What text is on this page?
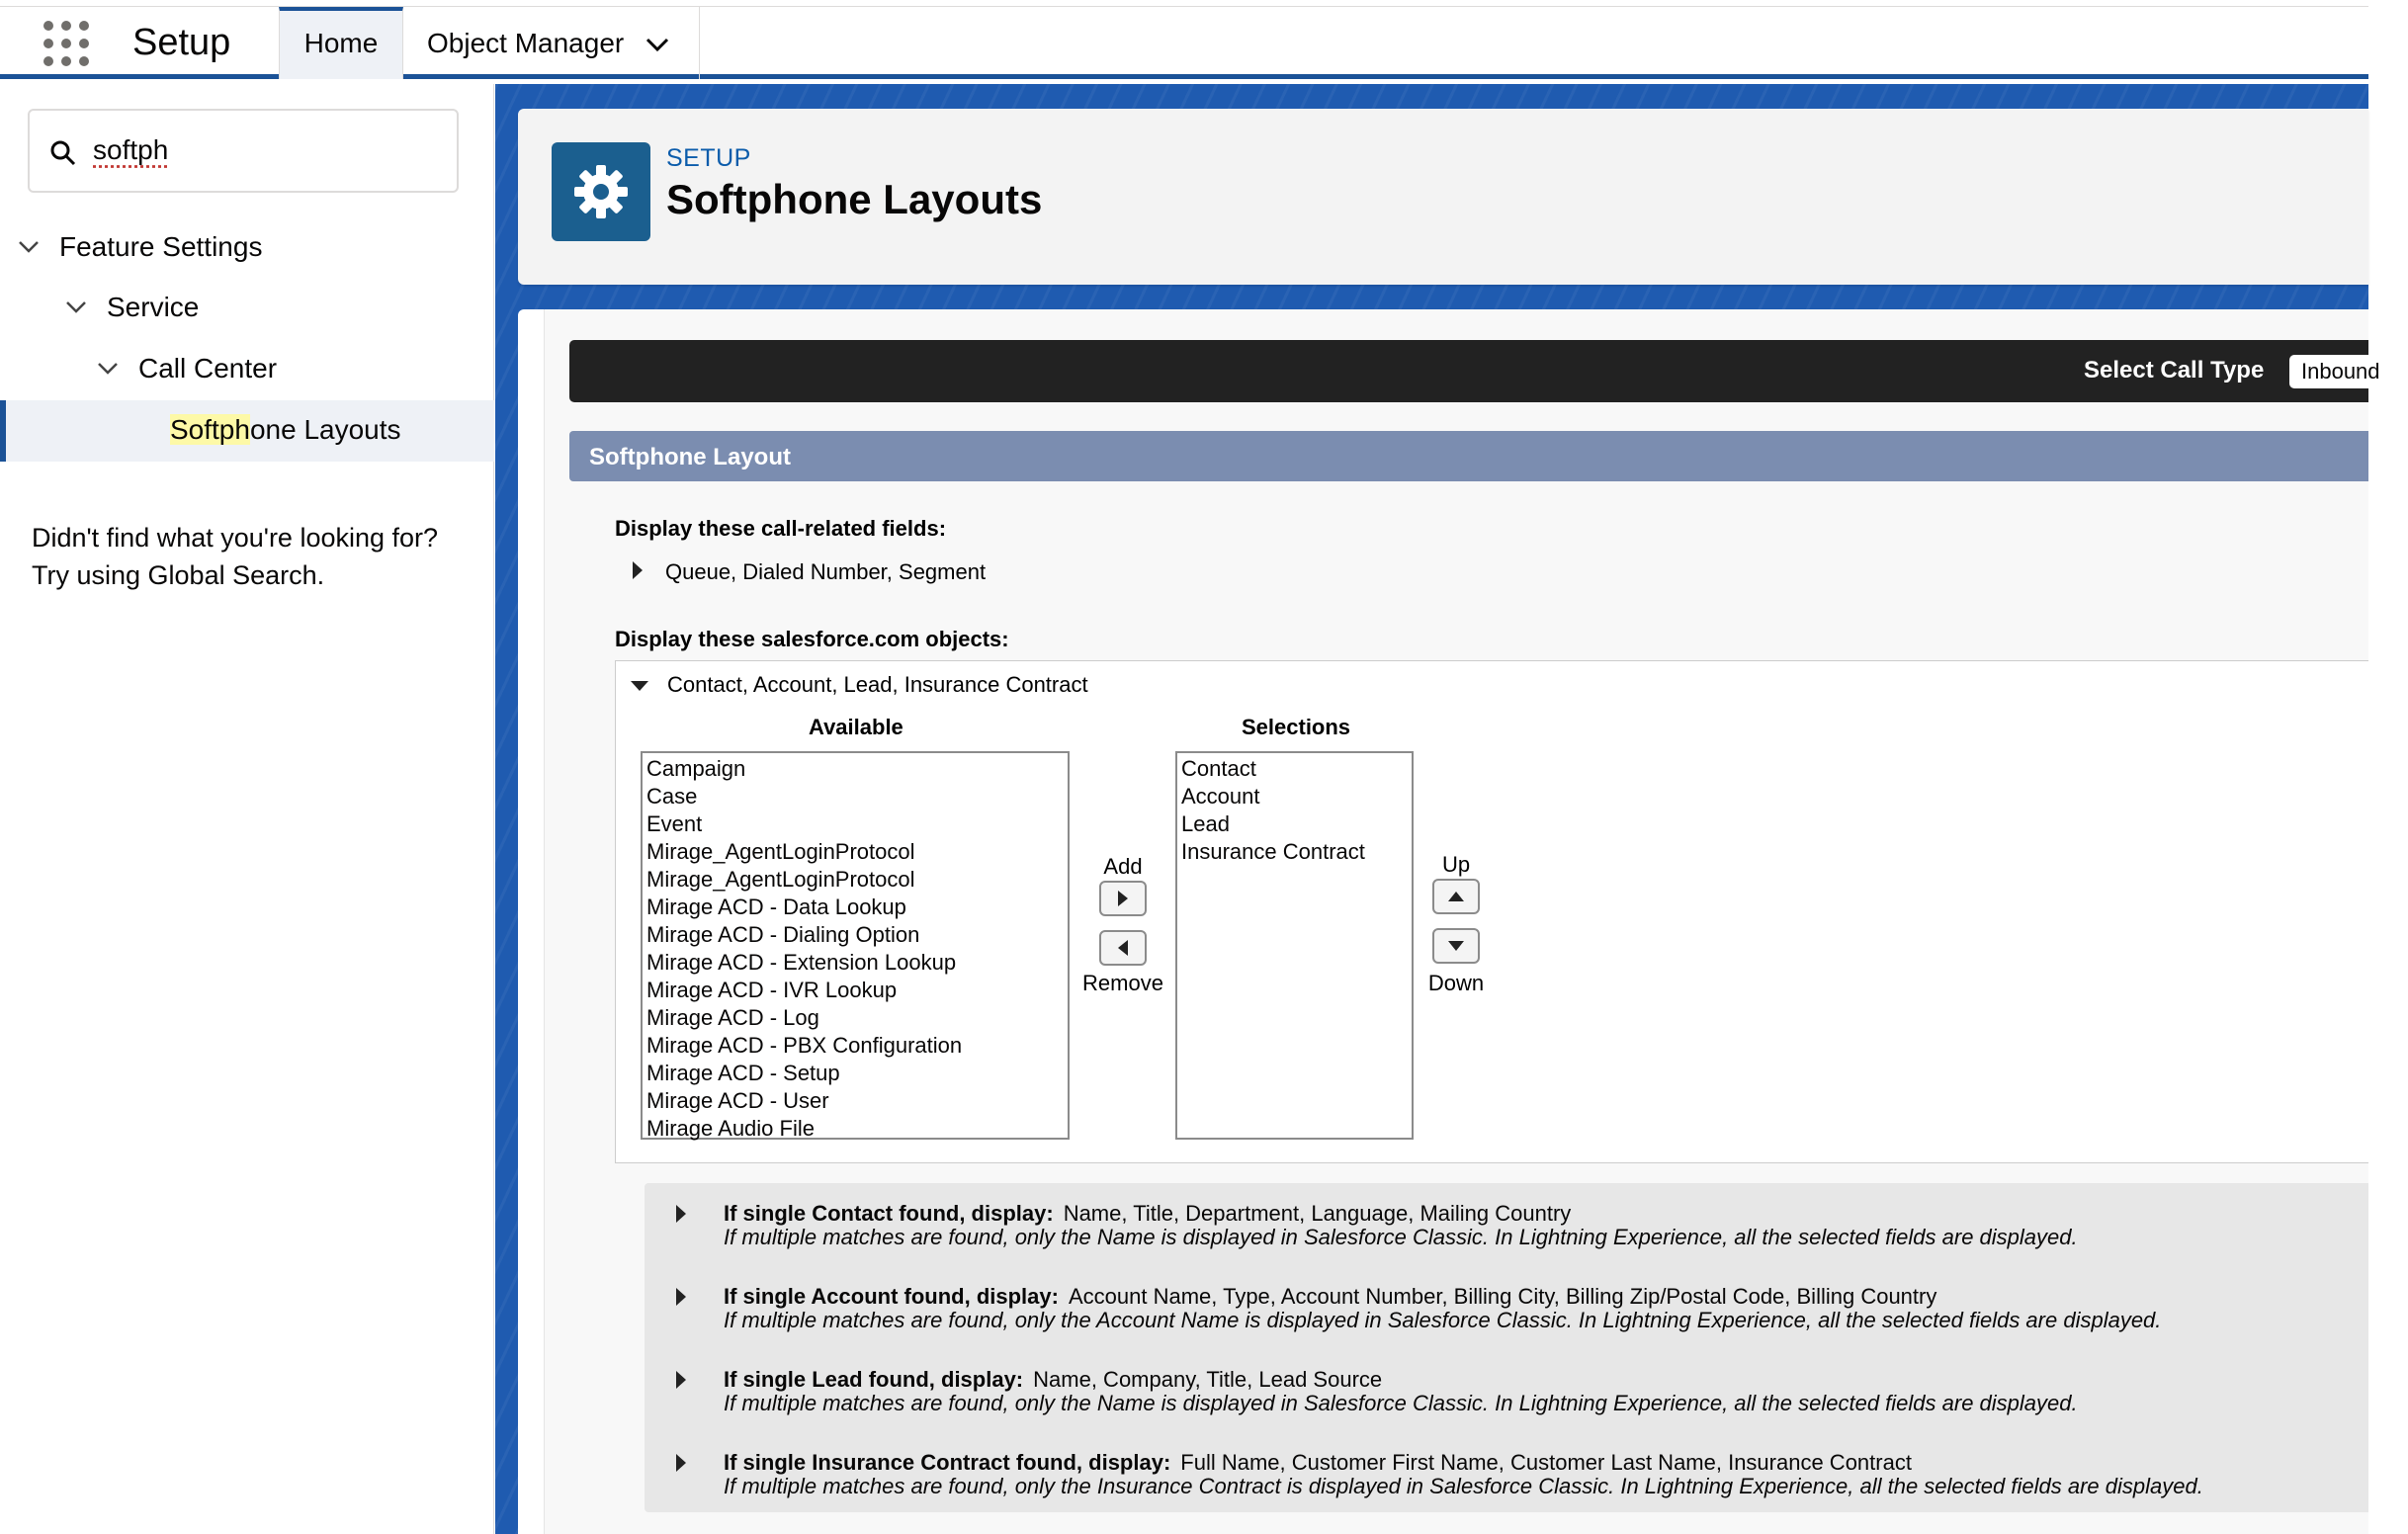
Setup	Home	Object Manager
softph
Feature Settings
Service
Call Center
Softphone Layouts
Didn't find what you're looking for?
Try using Global Search.
SETUP
Softphone Layouts
Select Call Type	Inbound
Softphone Layout
Display these call-related fields:
Queue, Dialed Number, Segment
Display these salesforce.com objects:
Contact, Account, Lead, Insurance Contract
Available	Selections
Campaign
Case
Event
Mirage_AgentLoginProtocol
Mirage_AgentLoginProtocol
Mirage ACD - Data Lookup
Mirage ACD - Dialing Option
Mirage ACD - Extension Lookup
Mirage ACD - IVR Lookup
Mirage ACD - Log
Mirage ACD - PBX Configuration
Mirage ACD - Setup
Mirage ACD - User
Mirage Audio File
Add
Remove
Contact
Account
Lead
Insurance Contract
Up
Down
If single Contact found, display: Name, Title, Department, Language, Mailing Country
If multiple matches are found, only the Name is displayed in Salesforce Classic. In Lightning Experience, all the selected fields are displayed.
If single Account found, display: Account Name, Type, Account Number, Billing City, Billing Zip/Postal Code, Billing Country
If multiple matches are found, only the Account Name is displayed in Salesforce Classic. In Lightning Experience, all the selected fields are displayed.
If single Lead found, display: Name, Company, Title, Lead Source
If multiple matches are found, only the Name is displayed in Salesforce Classic. In Lightning Experience, all the selected fields are displayed.
If single Insurance Contract found, display: Full Name, Customer First Name, Customer Last Name, Insurance Contract
If multiple matches are found, only the Insurance Contract is displayed in Salesforce Classic. In Lightning Experience, all the selected fields are displayed.
